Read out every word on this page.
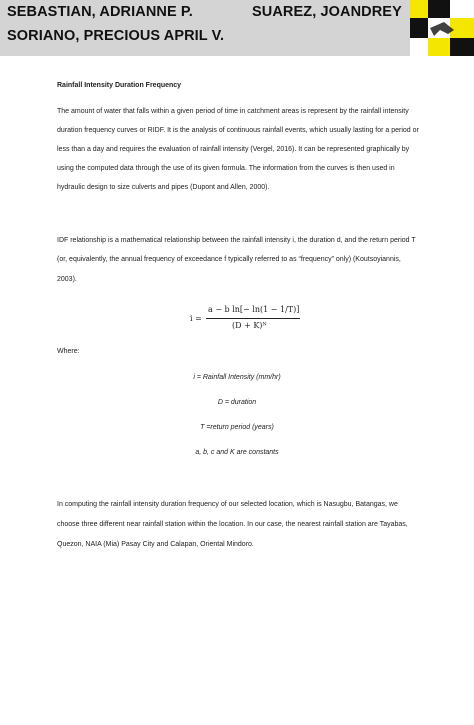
SEBASTIAN, ADRIANNE P.	SUAREZ, JOANDREY
SORIANO, PRECIOUS APRIL V.
Rainfall Intensity Duration Frequency
The amount of water that falls within a given period of time in catchment areas is represent by the rainfall intensity
duration frequency curves or RIDF. It is the analysis of continuous rainfall events, which usually lasting for a period or
less than a day and requires the evaluation of rainfall intensity (Vergel, 2016). It can be represented graphically by
using the computed data through the use of its given formula. The information from the curves is then used in
hydraulic design to size culverts and pipes (Dupont and Allen, 2000).
IDF relationship is a mathematical relationship between the rainfall intensity i, the duration d, and the return period T
(or, equivalently, the annual frequency of exceedance f typically referred to as “frequency” only) (Koutsoyiannis,
2003).
i =
a − b ln[− ln(1 − 1/T)]
(D + K)ᴺ
Where:
i = Rainfall Intensity (mm/hr)
D = duration
T =return period (years)
a, b, c and K are constants
In computing the rainfall intensity duration frequency of our selected location, which is Nasugbu, Batangas, we
choose three different near rainfall station within the location. In our case, the nearest rainfall station are Tayabas,
Quezon, NAIA (Mia) Pasay City and Calapan, Oriental Mindoro.
